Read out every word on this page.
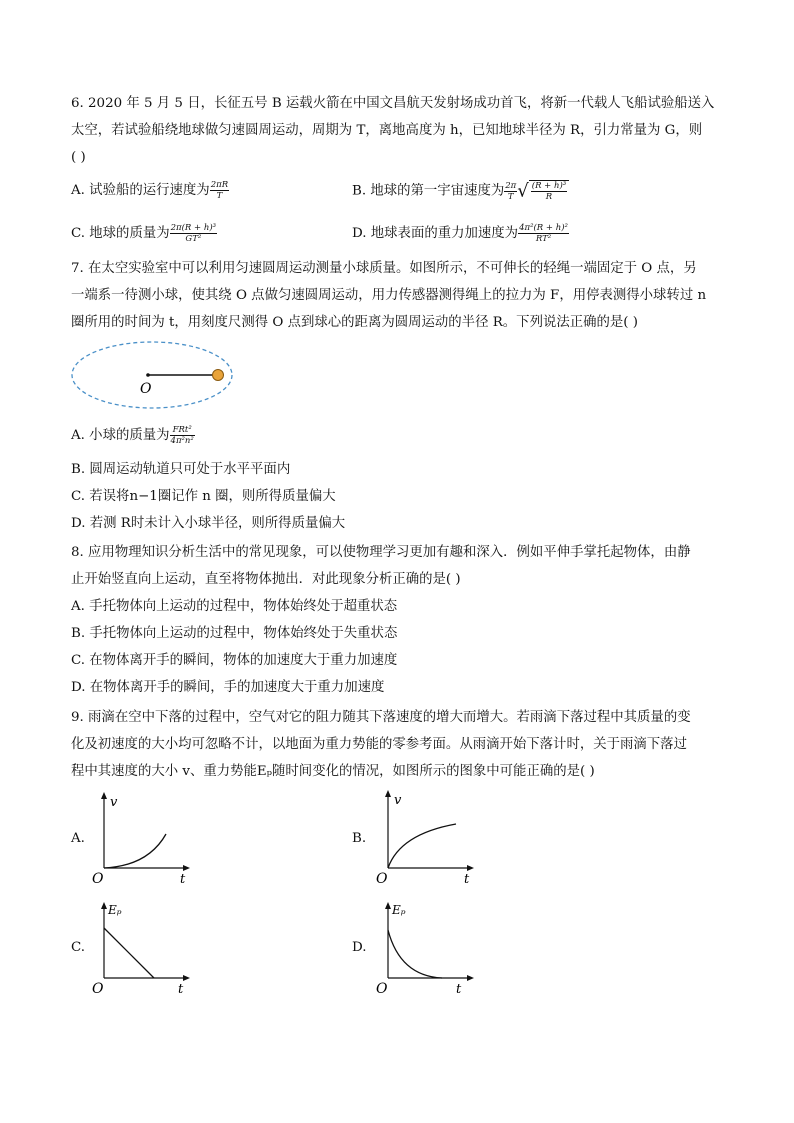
6. 2020 年 5 月 5 日，长征五号 B 运载火箭在中国文昌航天发射场成功首飞，将新一代载人飞船试验船送入
太空，若试验船绕地球做匀速圆周运动，周期为 T，离地高度为 h，已知地球半径为 R，引力常量为 G，则
( )
A. 试验船的运行速度为 $\frac{2\pi R}{T}$	B. 地球的第一宇宙速度为 $\frac{2\pi}{T}$ √ $\frac{\text{(R + h)³}}{R}$
C. 地球的质量为 $\frac{\text{2π(R + h)³}}{\text{GT²}}$	D. 地球表面的重力加速度为 $\frac{\text{4π²(R + h)²}}{\text{RT²}}$
7. 在太空实验室中可以利用匀速圆周运动测量小球质量。如图所示，不可伸长的轻绳一端固定于 O 点，另
一端系一待测小球，使其绕 O 点做匀速圆周运动，用力传感器测得绳上的拉力为 F，用停表测得小球转过 n
圈所用的时间为 t，用刻度尺测得 O 点到球心的距离为圆周运动的半径 R。下列说法正确的是( )
O
A. 小球的质量为 $\frac{\text{FRt²}}{\text{4π²n²}}$
B. 圆周运动轨道只可处于水平平面内
C. 若误将n−1圈记作 n 圈，则所得质量偏大
D. 若测 R时未计入小球半径，则所得质量偏大
8. 应用物理知识分析生活中的常见现象，可以使物理学习更加有趣和深入．例如平伸手掌托起物体，由静
止开始竖直向上运动，直至将物体抛出．对此现象分析正确的是( )
A. 手托物体向上运动的过程中，物体始终处于超重状态
B. 手托物体向上运动的过程中，物体始终处于失重状态
C. 在物体离开手的瞬间，物体的加速度大于重力加速度
D. 在物体离开手的瞬间，手的加速度大于重力加速度
9. 雨滴在空中下落的过程中，空气对它的阻力随其下落速度的增大而增大。若雨滴下落过程中其质量的变
化及初速度的大小均可忽略不计，以地面为重力势能的零参考面。从雨滴开始下落计时，关于雨滴下落过
程中其速度的大小 v、重力势能Eₚ随时间变化的情况，如图所示的图象中可能正确的是( )
A.
v
O	t
B.
v
O	t
C.
Eₚ
O	t
D.
Eₚ
O	t
